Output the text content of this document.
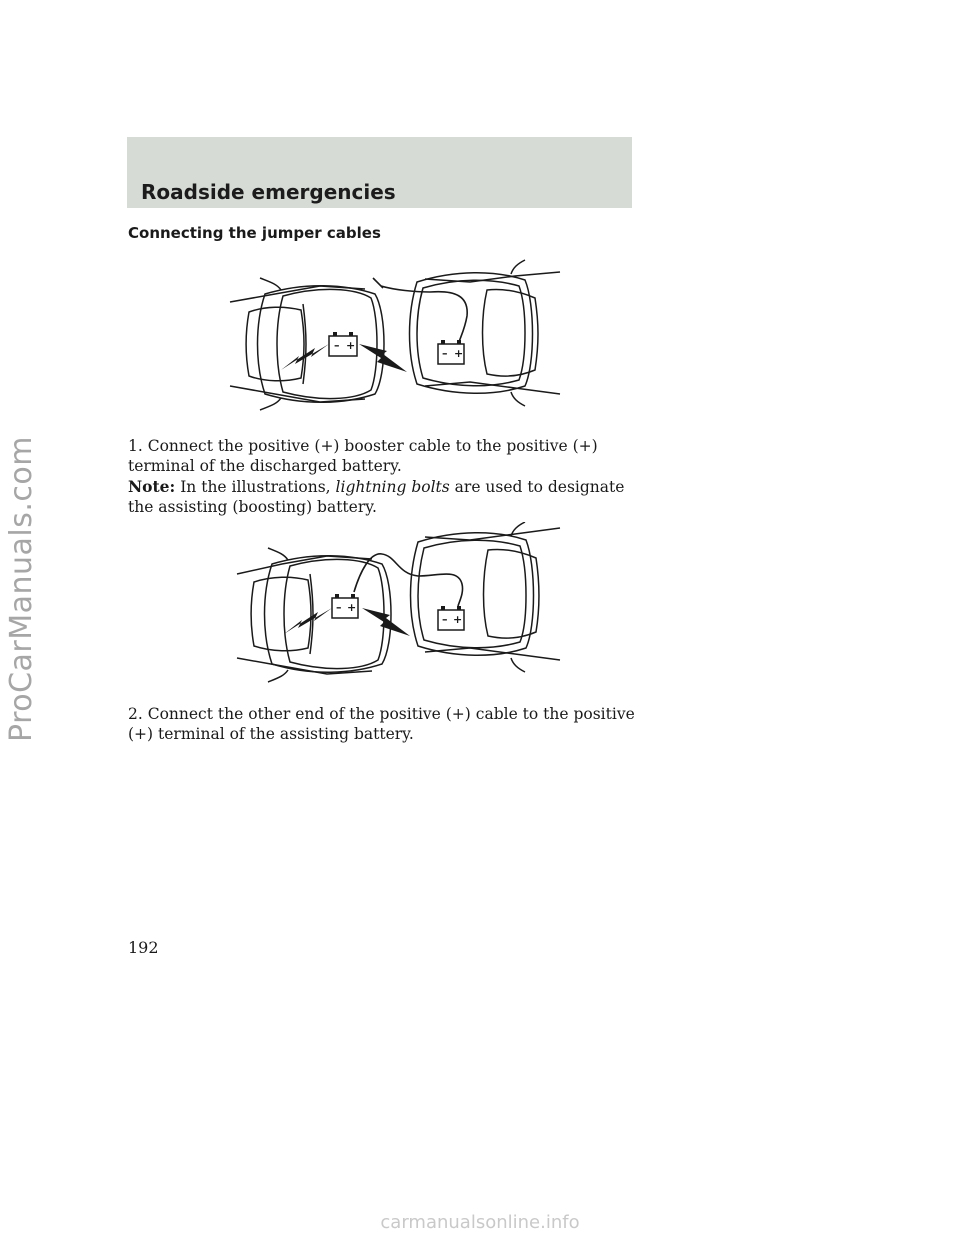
ProCarManuals.com
Roadside emergencies
Connecting the jumper cables
– +
– +
1. Connect the positive (+) booster cable to the positive (+) terminal of the discharged battery.
Note: In the illustrations, lightning bolts are used to designate the assisting (boosting) battery.
– +
– +
2. Connect the other end of the positive (+) cable to the positive (+) terminal of the assisting battery.
192
carmanualsonline.info
